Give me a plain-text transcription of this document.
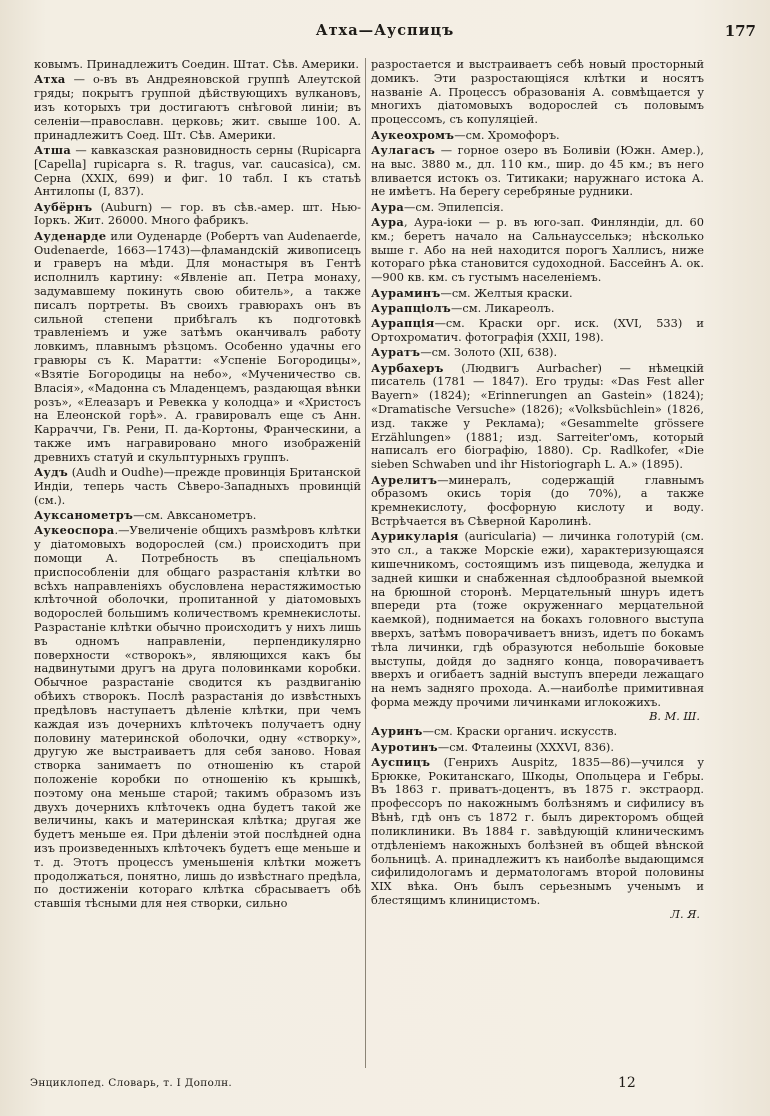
Атха—Ауспицъ	177

ковымъ. Принадлежитъ Соедин. Штат. Сѣв. Америки.

Атха — о-въ въ Андреяновской группѣ Алеутской гряды; покрытъ группой дѣйствующихъ вулкановъ, изъ которыхъ три достигаютъ снѣговой линіи; въ селеніи—православн. церковь; жит. свыше 100. А. принадлежитъ Соед. Шт. Сѣв. Америки.

Атша — кавказская разновидность серны (Rupicapra [Capella] rupicapra s. R. tragus, var. caucasica), см. Серна (XXIX, 699) и фиг. 10 табл. I къ статьѣ Антилопы (I, 837).

Аубёрнъ (Auburn) — гор. въ сѣв.-амер. шт. Нью-Іоркъ. Жит. 26000. Много фабрикъ.

Ауденарде или Оуденарде (Робертъ van Audenaerde, Oudenaerde, 1663—1743)—фламандскій живописецъ и граверъ на мѣди. Для монастыря въ Гентѣ исполнилъ картину: «Явленіе ап. Петра монаху, задумавшему покинуть свою обитель», а также писалъ портреты. Въ своихъ гравюрахъ онъ въ сильной степени прибѣгалъ къ подготовкѣ травленіемъ и уже затѣмъ оканчивалъ работу ловкимъ, плавнымъ рѣзцомъ. Особенно удачны его гравюры съ К. Маратти: «Успеніе Богородицы», «Взятіе Богородицы на небо», «Мученичество св. Власія», «Мадонна съ Младенцемъ, раздающая вѣнки розъ», «Елеазаръ и Ревекка у колодца» и «Христосъ на Елеонской горѣ». А. гравировалъ еще съ Анн. Карраччи, Гв. Рени, П. да-Кортоны, Франческини, а также имъ награвировано много изображеній древнихъ статуй и скульптурныхъ группъ.

Аудъ (Audh и Oudhe)—прежде провинція Британской Индіи, теперь часть Сѣверо-Западныхъ провинцій (см.).

Ауксанометръ—см. Авксанометръ.

Аукеоспора.—Увеличеніе общихъ размѣровъ клѣтки у діатомовыхъ водорослей (см.) происходитъ при помощи А. Потребность въ спеціальномъ приспособленіи для общаго разрастанія клѣтки во всѣхъ направленіяхъ обусловлена нерастяжимостью клѣточной оболочки, пропитанной у діатомовыхъ водорослей большимъ количествомъ кремнекислоты. Разрастаніе клѣтки обычно происходитъ у нихъ лишь въ одномъ направленіи, перпендикулярно поверхности «створокъ», являющихся какъ бы надвинутыми другъ на друга половинками коробки. Обычное разрастаніе сводится къ раздвиганію обѣихъ створокъ. Послѣ разрастанія до извѣстныхъ предѣловъ наступаетъ дѣленіе клѣтки, при чемъ каждая изъ дочернихъ клѣточекъ получаетъ одну половину материнской оболочки, одну «створку», другую же выстраиваетъ для себя заново. Новая створка занимаетъ по отношенію къ старой положеніе коробки по отношенію къ крышкѣ, поэтому она меньше старой; такимъ образомъ изъ двухъ дочернихъ клѣточекъ одна будетъ такой же величины, какъ и материнская клѣтка; другая же будетъ меньше ея. При дѣленіи этой послѣдней одна изъ произведенныхъ клѣточекъ будетъ еще меньше и т. д. Этотъ процессъ уменьшенія клѣтки можетъ продолжаться, понятно, лишь до извѣстнаго предѣла, по достиженіи котораго клѣтка сбрасываетъ обѣ ставшія тѣсными для нея створки, сильно

разростается и выстраиваетъ себѣ новый просторный домикъ. Эти разростающіяся клѣтки и носятъ названіе А. Процессъ образованія А. совмѣщается у многихъ діатомовыхъ водорослей съ половымъ процессомъ, съ копуляціей.

Аукеохромъ—см. Хромофоръ.

Аулагасъ — горное озеро въ Боливіи (Южн. Амер.), на выс. 3880 м., дл. 110 км., шир. до 45 км.; въ него вливается истокъ оз. Титикаки; наружнаго истока А. не имѣетъ. На берегу серебряные рудники.

Аура—см. Эпилепсія.

Аура, Аура-іоки — р. въ юго-зап. Финляндіи, дл. 60 км.; беретъ начало на Сальнаусселькэ; нѣсколько выше г. Або на ней находится порогъ Халлисъ, ниже котораго рѣка становится судоходной. Бассейнъ А. ок.—900 кв. км. съ густымъ населеніемъ.

Аураминъ—см. Желтыя краски.

Аурапціолъ—см. Ликареолъ.

Аурапція—см. Краски орг. иск. (XVI, 533) и Ортохроматич. фотографія (XXII, 198).

Ауратъ—см. Золото (XII, 638).

Аурбахеръ (Людвигъ Aurbacher) — нѣмецкій писатель (1781 — 1847). Его труды: «Das Fest aller Bayern» (1824); «Erinnerungen an Gastein» (1824); «Dramatische Versuche» (1826); «Volksbüchlein» (1826, изд. также у Реклама); «Gesammelte grössere Erzählungen» (1881; изд. Sarreiter'омъ, который написалъ его біографію, 1880). Ср. Radlkofer, «Die sieben Schwaben und ihr Historiograph L. A.» (1895).

Аурелитъ—минералъ, содержащій главнымъ образомъ окись торія (до 70%), а также кремнекислоту, фосфорную кислоту и воду. Встрѣчается въ Сѣверной Каролинѣ.

Аурикуларія (auricularia) — личинка голотурій (см. это сл., а также Морскіе ежи), характеризующаяся кишечникомъ, состоящимъ изъ пищевода, желудка и задней кишки и снабженная сѣдлообразной выемкой на брюшной сторонѣ. Мерцательный шнуръ идетъ впереди рта (тоже окруженнаго мерцательной каемкой), поднимается на бокахъ головного выступа вверхъ, затѣмъ поворачиваетъ внизъ, идетъ по бокамъ тѣла личинки, гдѣ образуются небольшіе боковые выступы, дойдя до задняго конца, поворачиваетъ вверхъ и огибаетъ задній выступъ впереди лежащаго на немъ задняго прохода. А.—наиболѣе примитивная форма между прочими личинками иглокожихъ.
В. М. Ш.

Ауринъ—см. Краски органич. искусств.

Ауротинъ—см. Фталеины (XXXVI, 836).

Ауспицъ (Генрихъ Auspitz, 1835—86)—учился у Брюкке, Рокитанскаго, Шкоды, Опольцера и Гебры. Въ 1863 г. приватъ-доцентъ, въ 1875 г. экстраорд. профессоръ по накожнымъ болѣзнямъ и сифилису въ Вѣнѣ, гдѣ онъ съ 1872 г. былъ директоромъ общей поликлиники. Въ 1884 г. завѣдующій клиническимъ отдѣленіемъ накожныхъ болѣзней въ общей вѣнской больницѣ. А. принадлежитъ къ наиболѣе выдающимся сифилидологамъ и дерматологамъ второй половины XIX вѣка. Онъ былъ серьезнымъ ученымъ и блестящимъ клиницистомъ.
Л. Я.

Энциклопед. Словарь, т. I Дополн.	12
